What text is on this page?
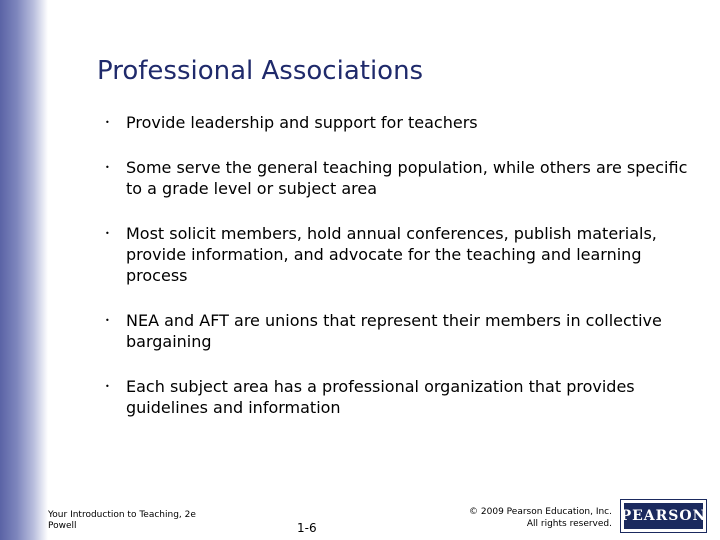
Professional Associations
• Provide leadership and support for teachers
• Some serve the general teaching population, while others are specific to a grade level or subject area
• Most solicit members, hold annual conferences, publish materials, provide information, and advocate for the teaching and learning process
• NEA and AFT are unions that represent their members in collective bargaining
• Each subject area has a professional organization that provides guidelines and information
Your Introduction to Teaching, 2e
Powell	1-6
© 2009 Pearson Education, Inc.
All rights reserved. PEARSON
